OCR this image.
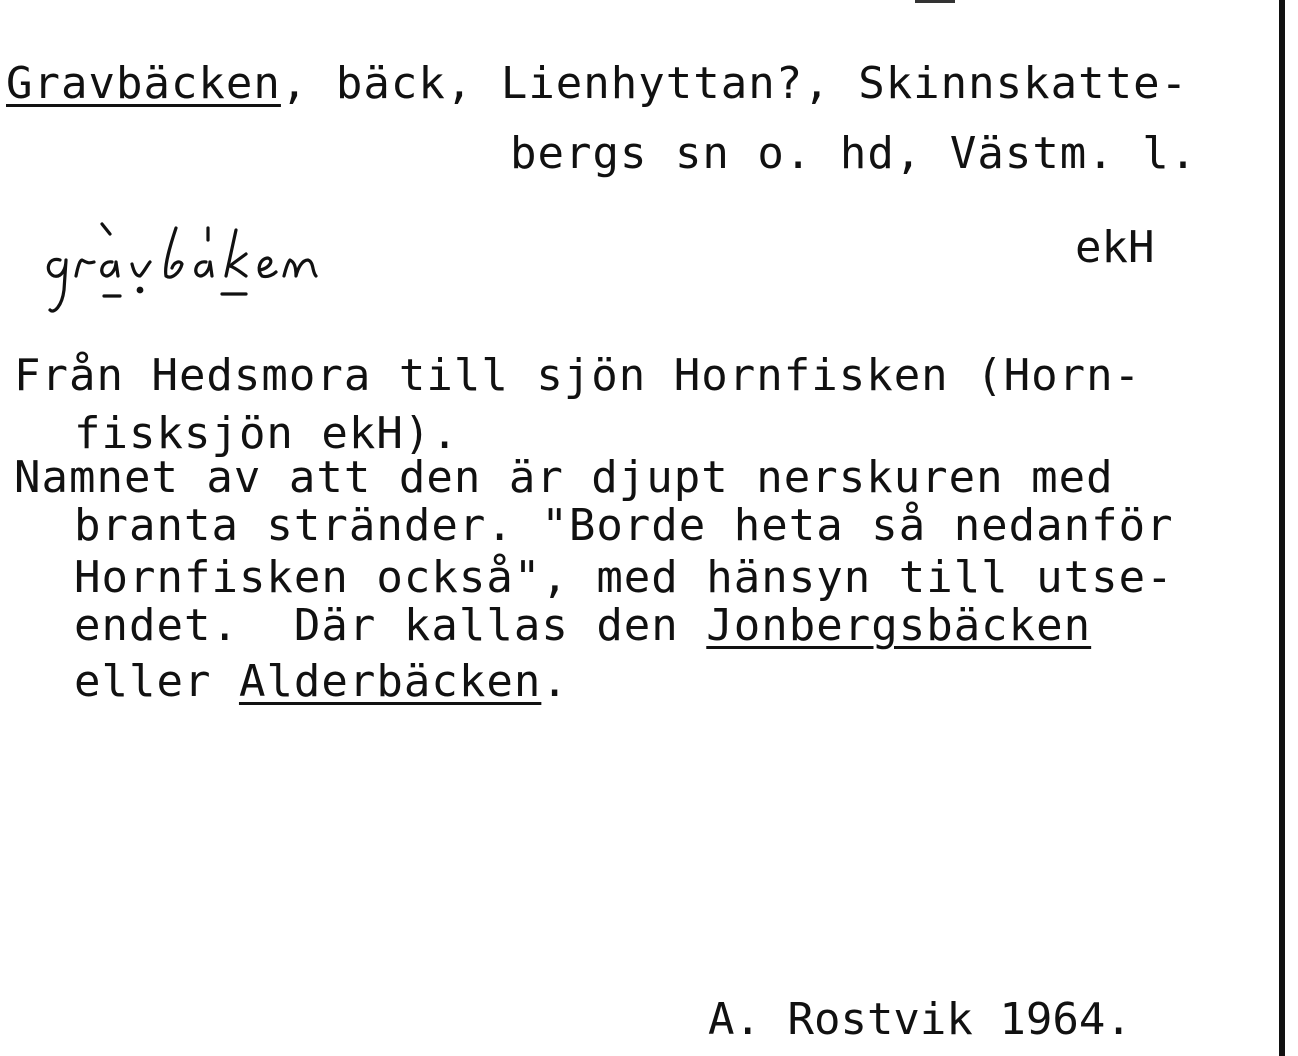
Gravbäcken, bäck, Lienhyttan?, Skinnskatte-
bergs sn o. hd, Västm. l.
ekH
Från Hedsmora till sjön Hornfisken (Horn-
fisksjön ekH).
Namnet av att den är djupt nerskuren med
branta stränder. "Borde heta så nedanför
Hornfisken också", med hänsyn till utse-
endet.  Där kallas den Jonbergsbäcken
eller Alderbäcken.
A. Rostvik 1964.
